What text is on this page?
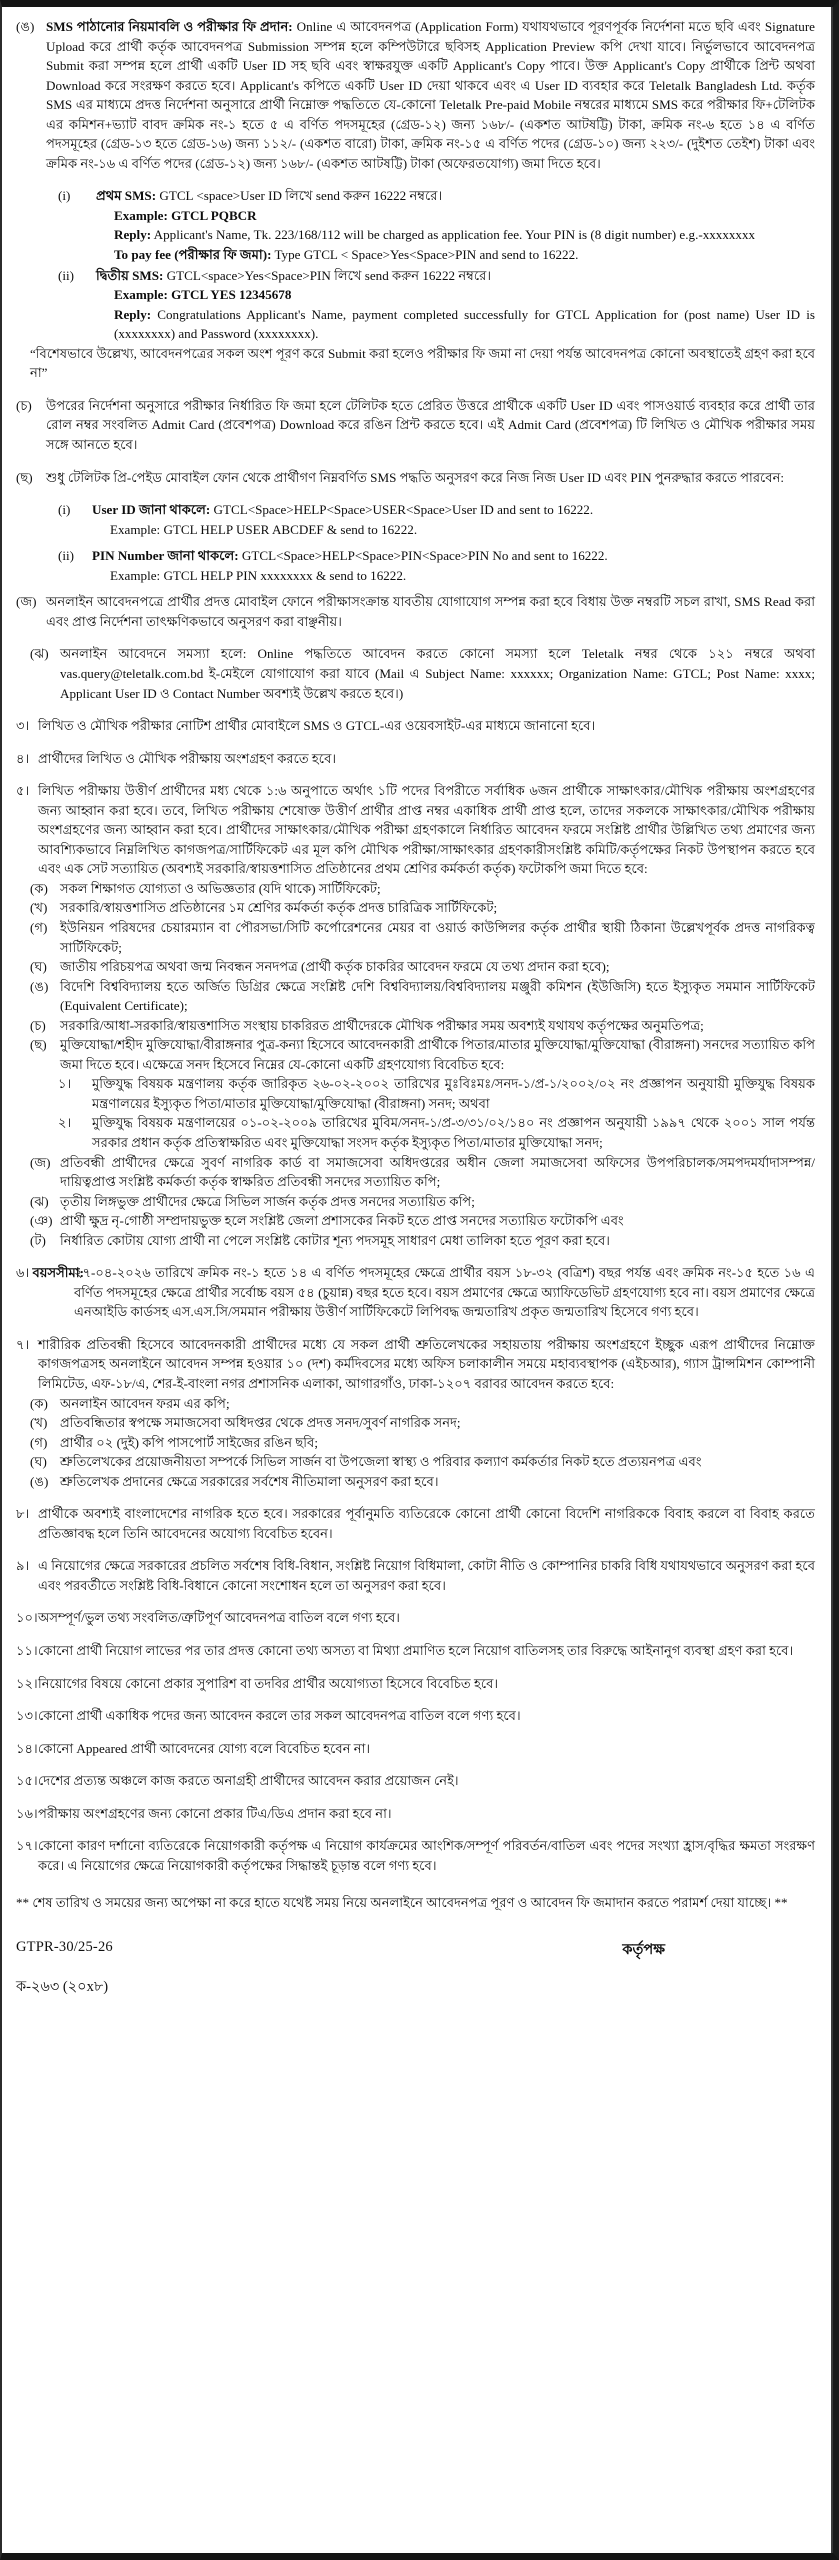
(ঙ) SMS পাঠানোর নিয়মাবলি ও পরীক্ষার ফি প্রদান: Online এ আবেদনপত্র (Application Form) যথাযথভাবে পূরণপূর্বক নির্দেশনা মতে ছবি এবং Signature Upload করে প্রার্থী কর্তৃক আবেদনপত্র Submission সম্পন্ন হলে কম্পিউটারে ছবিসহ Application Preview কপি দেখা যাবে। নির্ভুলভাবে আবেদনপত্র Submit করা সম্পন্ন হলে প্রার্থী একটি User ID সহ ছবি এবং স্বাক্ষরযুক্ত একটি Applicant's Copy পাবে। উক্ত Applicant's Copy প্রার্থীকে প্রিন্ট অথবা Download করে সংরক্ষণ করতে হবে। Applicant's কপিতে একটি User ID দেয়া থাকবে এবং এ User ID ব্যবহার করে Teletalk Bangladesh Ltd. কর্তৃক SMS এর মাধ্যমে প্রদত্ত নির্দেশনা অনুসারে প্রার্থী নিম্নোক্ত পদ্ধতিতে যে-কোনো Teletalk Pre-paid Mobile নম্বরের মাধ্যমে SMS করে পরীক্ষার ফি+টেলিটক এর কমিশন+ভ্যাট বাবদ ক্রমিক নং-১ হতে ৫ এ বর্ণিত পদসমূহের (গ্রেড-১২) জন্য ১৬৮/- (একশত আটষট্টি) টাকা, ক্রমিক নং-৬ হতে ১৪ এ বর্ণিত পদসমূহের (গ্রেড-১৩ হতে গ্রেড-১৬) জন্য ১১২/- (একশত বারো) টাকা, ক্রমিক নং-১৫ এ বর্ণিত পদের (গ্রেড-১০) জন্য ২২৩/- (দুইশত তেইশ) টাকা এবং ক্রমিক নং-১৬ এ বর্ণিত পদের (গ্রেড-১২) জন্য ১৬৮/- (একশত আটষট্টি) টাকা (অফেরতযোগ্য) জমা দিতে হবে।
(i) প্রথম SMS: GTCL <space>User ID লিখে send করুন 16222 নম্বরে।
Example: GTCL PQBCR
Reply: Applicant's Name, Tk. 223/168/112 will be charged as application fee. Your PIN is (8 digit number) e.g.-xxxxxxxx
To pay fee (পরীক্ষার ফি জমা): Type GTCL < Space>Yes<Space>PIN and send to 16222.
(ii) দ্বিতীয় SMS: GTCL<space>Yes<Space>PIN লিখে send করুন 16222 নম্বরে।
Example: GTCL YES 12345678
Reply: Congratulations Applicant's Name, payment completed successfully for GTCL Application for (post name) User ID is (xxxxxxxx) and Password (xxxxxxxx).
“বিশেষভাবে উল্লেখ্য, আবেদনপত্রের সকল অংশ পূরণ করে Submit করা হলেও পরীক্ষার ফি জমা না দেয়া পর্যন্ত আবেদনপত্র কোনো অবস্থাতেই গ্রহণ করা হবে না”
(চ) উপরের নির্দেশনা অনুসারে পরীক্ষার নির্ধারিত ফি জমা হলে টেলিটক হতে প্রেরিত উত্তরে প্রার্থীকে একটি User ID এবং পাসওয়ার্ড ব্যবহার করে প্রার্থী তার রোল নম্বর সংবলিত Admit Card (প্রবেশপত্র) Download করে রঙিন প্রিন্ট করতে হবে। এই Admit Card (প্রবেশপত্র) টি লিখিত ও মৌখিক পরীক্ষার সময় সঙ্গে আনতে হবে।
(ছ) শুধু টেলিটক প্রি-পেইড মোবাইল ফোন থেকে প্রার্থীগণ নিম্নবর্ণিত SMS পদ্ধতি অনুসরণ করে নিজ নিজ User ID এবং PIN পুনরুদ্ধার করতে পারবেন:
(i) User ID জানা থাকলে: GTCL<Space>HELP<Space>USER<Space>User ID and sent to 16222.
Example: GTCL HELP USER ABCDEF & send to 16222.
(ii) PIN Number জানা থাকলে: GTCL<Space>HELP<Space>PIN<Space>PIN No and sent to 16222.
Example: GTCL HELP PIN xxxxxxxx & send to 16222.
(জ) অনলাইন আবেদনপত্রে প্রার্থীর প্রদত্ত মোবাইল ফোনে পরীক্ষাসংক্রান্ত যাবতীয় যোগাযোগ সম্পন্ন করা হবে বিধায় উক্ত নম্বরটি সচল রাখা, SMS Read করা এবং প্রাপ্ত নির্দেশনা তাৎক্ষণিকভাবে অনুসরণ করা বাঞ্ছনীয়।
(ঝ) অনলাইন আবেদনে সমস্যা হলে: Online পদ্ধতিতে আবেদন করতে কোনো সমস্যা হলে Teletalk নম্বর থেকে ১২১ নম্বরে অথবা vas.query@teletalk.com.bd ই-মেইলে যোগাযোগ করা যাবে (Mail এ Subject Name: xxxxxx; Organization Name: GTCL; Post Name: xxxx; Applicant User ID ও Contact Number অবশ্যই উল্লেখ করতে হবে।)
৩। লিখিত ও মৌখিক পরীক্ষার নোটিশ প্রার্থীর মোবাইলে SMS ও GTCL-এর ওয়েবসাইট-এর মাধ্যমে জানানো হবে।
৪। প্রার্থীদের লিখিত ও মৌখিক পরীক্ষায় অংশগ্রহণ করতে হবে।
৫। লিখিত পরীক্ষায় উত্তীর্ণ প্রার্থীদের মধ্য থেকে ১:৬ অনুপাতে অর্থাৎ ১টি পদের বিপরীতে সর্বাধিক ৬জন প্রার্থীকে সাক্ষাৎকার/মৌখিক পরীক্ষায় অংশগ্রহণের জন্য আহ্বান করা হবে। তবে, লিখিত পরীক্ষায় শেষোক্ত উত্তীর্ণ প্রার্থীর প্রাপ্ত নম্বর একাধিক প্রার্থী প্রাপ্ত হলে, তাদের সকলকে সাক্ষাৎকার/মৌখিক পরীক্ষায় অংশগ্রহণের জন্য আহ্বান করা হবে। প্রার্থীদের সাক্ষাৎকার/মৌখিক পরীক্ষা গ্রহণকালে নির্ধারিত আবেদন ফরমে সংশ্লিষ্ট প্রার্থীর উল্লিখিত তথ্য প্রমাণের জন্য আবশ্যিকভাবে নিম্নলিখিত কাগজপত্র/সার্টিফিকেট এর মূল কপি মৌখিক পরীক্ষা/সাক্ষাৎকার গ্রহণকারীসংশ্লিষ্ট কমিটি/কর্তৃপক্ষের নিকট উপস্থাপন করতে হবে এবং এক সেট সত্যায়িত (অবশ্যই সরকারি/স্বায়ত্তশাসিত প্রতিষ্ঠানের প্রথম শ্রেণির কর্মকর্তা কর্তৃক) ফটোকপি জমা দিতে হবে:
(ক) সকল শিক্ষাগত যোগ্যতা ও অভিজ্ঞতার (যদি থাকে) সার্টিফিকেট;
(খ) সরকারি/স্বায়ত্তশাসিত প্রতিষ্ঠানের ১ম শ্রেণির কর্মকর্তা কর্তৃক প্রদত্ত চারিত্রিক সার্টিফিকেট;
(গ) ইউনিয়ন পরিষদের চেয়ারম্যান বা পৌরসভা/সিটি কর্পোরেশনের মেয়র বা ওয়ার্ড কাউন্সিলর কর্তৃক প্রার্থীর স্থায়ী ঠিকানা উল্লেখপূর্বক প্রদত্ত নাগরিকত্ব সার্টিফিকেট;
(ঘ) জাতীয় পরিচয়পত্র অথবা জন্ম নিবন্ধন সনদপত্র (প্রার্থী কর্তৃক চাকরির আবেদন ফরমে যে তথ্য প্রদান করা হবে);
(ঙ) বিদেশি বিশ্ববিদ্যালয় হতে অর্জিত ডিগ্রির ক্ষেত্রে সংশ্লিষ্ট দেশি বিশ্ববিদ্যালয়/বিশ্ববিদ্যালয় মঞ্জুরী কমিশন (ইউজিসি) হতে ইস্যুকৃত সমমান সার্টিফিকেট (Equivalent Certificate);
(চ) সরকারি/আধা-সরকারি/স্বায়ত্তশাসিত সংস্থায় চাকরিরত প্রার্থীদেরকে মৌখিক পরীক্ষার সময় অবশ্যই যথাযথ কর্তৃপক্ষের অনুমতিপত্র;
(ছ) মুক্তিযোদ্ধা/শহীদ মুক্তিযোদ্ধা/বীরাঙ্গনার পুত্র-কন্যা হিসেবে আবেদনকারী প্রার্থীকে পিতার/মাতার মুক্তিযোদ্ধা/মুক্তিযোদ্ধা (বীরাঙ্গনা) সনদের সত্যায়িত কপি জমা দিতে হবে। এক্ষেত্রে সনদ হিসেবে নিম্নের যে-কোনো একটি গ্রহণযোগ্য বিবেচিত হবে:
১। মুক্তিযুদ্ধ বিষয়ক মন্ত্রণালয় কর্তৃক জারিকৃত ২৬-০২-২০০২ তারিখের মুঃবিঃমঃ/সনদ-১/প্র-১/২০০২/০২ নং প্রজ্ঞাপন অনুযায়ী মুক্তিযুদ্ধ বিষয়ক মন্ত্রণালয়ের ইস্যুকৃত পিতা/মাতার মুক্তিযোদ্ধা/মুক্তিযোদ্ধা (বীরাঙ্গনা) সনদ; অথবা
২। মুক্তিযুদ্ধ বিষয়ক মন্ত্রণালয়ের ০১-০২-২০০৯ তারিখের মুবিম/সনদ-১/প্র-৩/৩১/০২/১৪০ নং প্রজ্ঞাপন অনুযায়ী ১৯৯৭ থেকে ২০০১ সাল পর্যন্ত সরকার প্রধান কর্তৃক প্রতিস্বাক্ষরিত এবং মুক্তিযোদ্ধা সংসদ কর্তৃক ইস্যুকৃত পিতা/মাতার মুক্তিযোদ্ধা সনদ;
(জ) প্রতিবন্ধী প্রার্থীদের ক্ষেত্রে সুবর্ণ নাগরিক কার্ড বা সমাজসেবা অধিদপ্তরের অধীন জেলা সমাজসেবা অফিসের উপপরিচালক/সমপদমর্যাদাসম্পন্ন/দায়িত্বপ্রাপ্ত সংশ্লিষ্ট কর্মকর্তা কর্তৃক স্বাক্ষরিত প্রতিবন্ধী সনদের সত্যায়িত কপি;
(ঝ) তৃতীয় লিঙ্গভুক্ত প্রার্থীদের ক্ষেত্রে সিভিল সার্জন কর্তৃক প্রদত্ত সনদের সত্যায়িত কপি;
(ঞ) প্রার্থী ক্ষুদ্র নৃ-গোষ্ঠী সম্প্রদায়ভুক্ত হলে সংশ্লিষ্ট জেলা প্রশাসকের নিকট হতে প্রাপ্ত সনদের সত্যায়িত ফটোকপি এবং
(ট) নির্ধারিত কোটায় যোগ্য প্রার্থী না পেলে সংশ্লিষ্ট কোটার শূন্য পদসমূহ সাধারণ মেধা তালিকা হতে পূরণ করা হবে।
৬। বয়সসীমা:
২৭-০৪-২০২৬ তারিখে ক্রমিক নং-১ হতে ১৪ এ বর্ণিত পদসমূহের ক্ষেত্রে প্রার্থীর বয়স ১৮-৩২ (বত্রিশ) বছর পর্যন্ত এবং ক্রমিক নং-১৫ হতে ১৬ এ বর্ণিত পদসমূহের ক্ষেত্রে প্রার্থীর সর্বোচ্চ বয়স ৫৪ (চুয়ান্ন) বছর হতে হবে। বয়স প্রমাণের ক্ষেত্রে অ্যাফিডেভিট গ্রহণযোগ্য হবে না। বয়স প্রমাণের ক্ষেত্রে এনআইডি কার্ডসহ এস.এস.সি/সমমান পরীক্ষায় উত্তীর্ণ সার্টিফিকেটে লিপিবদ্ধ জন্মতারিখ প্রকৃত জন্মতারিখ হিসেবে গণ্য হবে।
৭। শারীরিক প্রতিবন্ধী হিসেবে আবেদনকারী প্রার্থীদের মধ্যে যে সকল প্রার্থী শ্রুতিলেখকের সহায়তায় পরীক্ষায় অংশগ্রহণে ইচ্ছুক এরূপ প্রার্থীদের নিম্নোক্ত কাগজপত্রসহ অনলাইনে আবেদন সম্পন্ন হওয়ার ১০ (দশ) কর্মদিবসের মধ্যে অফিস চলাকালীন সময়ে মহাব্যবস্থাপক (এইচআর), গ্যাস ট্রান্সমিশন কোম্পানী লিমিটেড, এফ-১৮/এ, শের-ই-বাংলা নগর প্রশাসনিক এলাকা, আগারগাঁও, ঢাকা-১২০৭ বরাবর আবেদন করতে হবে:
(ক) অনলাইন আবেদন ফরম এর কপি;
(খ) প্রতিবন্ধিতার স্বপক্ষে সমাজসেবা অধিদপ্তর থেকে প্রদত্ত সনদ/সুবর্ণ নাগরিক সনদ;
(গ) প্রার্থীর ০২ (দুই) কপি পাসপোর্ট সাইজের রঙিন ছবি;
(ঘ) শ্রুতিলেখকের প্রয়োজনীয়তা সম্পর্কে সিভিল সার্জন বা উপজেলা স্বাস্থ্য ও পরিবার কল্যাণ কর্মকর্তার নিকট হতে প্রত্যয়নপত্র এবং
(ঙ) শ্রুতিলেখক প্রদানের ক্ষেত্রে সরকারের সর্বশেষ নীতিমালা অনুসরণ করা হবে।
৮। প্রার্থীকে অবশ্যই বাংলাদেশের নাগরিক হতে হবে। সরকারের পূর্বানুমতি ব্যতিরেকে কোনো প্রার্থী কোনো বিদেশি নাগরিককে বিবাহ করলে বা বিবাহ করতে প্রতিজ্ঞাবদ্ধ হলে তিনি আবেদনের অযোগ্য বিবেচিত হবেন।
৯। এ নিয়োগের ক্ষেত্রে সরকারের প্রচলিত সর্বশেষ বিধি-বিধান, সংশ্লিষ্ট নিয়োগ বিধিমালা, কোটা নীতি ও কোম্পানির চাকরি বিধি যথাযথভাবে অনুসরণ করা হবে এবং পরবর্তীতে সংশ্লিষ্ট বিধি-বিধানে কোনো সংশোধন হলে তা অনুসরণ করা হবে।
১০। অসম্পূর্ণ/ভুল তথ্য সংবলিত/ত্রুটিপূর্ণ আবেদনপত্র বাতিল বলে গণ্য হবে।
১১। কোনো প্রার্থী নিয়োগ লাভের পর তার প্রদত্ত কোনো তথ্য অসত্য বা মিথ্যা প্রমাণিত হলে নিয়োগ বাতিলসহ তার বিরুদ্ধে আইনানুগ ব্যবস্থা গ্রহণ করা হবে।
১২। নিয়োগের বিষয়ে কোনো প্রকার সুপারিশ বা তদবির প্রার্থীর অযোগ্যতা হিসেবে বিবেচিত হবে।
১৩। কোনো প্রার্থী একাধিক পদের জন্য আবেদন করলে তার সকল আবেদনপত্র বাতিল বলে গণ্য হবে।
১৪। কোনো Appeared প্রার্থী আবেদনের যোগ্য বলে বিবেচিত হবেন না।
১৫। দেশের প্রত্যন্ত অঞ্চলে কাজ করতে অনাগ্রহী প্রার্থীদের আবেদন করার প্রয়োজন নেই।
১৬। পরীক্ষায় অংশগ্রহণের জন্য কোনো প্রকার টিএ/ডিএ প্রদান করা হবে না।
১৭। কোনো কারণ দর্শানো ব্যতিরেকে নিয়োগকারী কর্তৃপক্ষ এ নিয়োগ কার্যক্রমের আংশিক/সম্পূর্ণ পরিবর্তন/বাতিল এবং পদের সংখ্যা হ্রাস/বৃদ্ধির ক্ষমতা সংরক্ষণ করে। এ নিয়োগের ক্ষেত্রে নিয়োগকারী কর্তৃপক্ষের সিদ্ধান্তই চূড়ান্ত বলে গণ্য হবে।
** শেষ তারিখ ও সময়ের জন্য অপেক্ষা না করে হাতে যথেষ্ট সময় নিয়ে অনলাইনে আবেদনপত্র পূরণ ও আবেদন ফি জমাদান করতে পরামর্শ দেয়া যাচ্ছে। **
GTPR-30/25-26	কর্তৃপক্ষ
ক-২৬৩ (২০x৮)
